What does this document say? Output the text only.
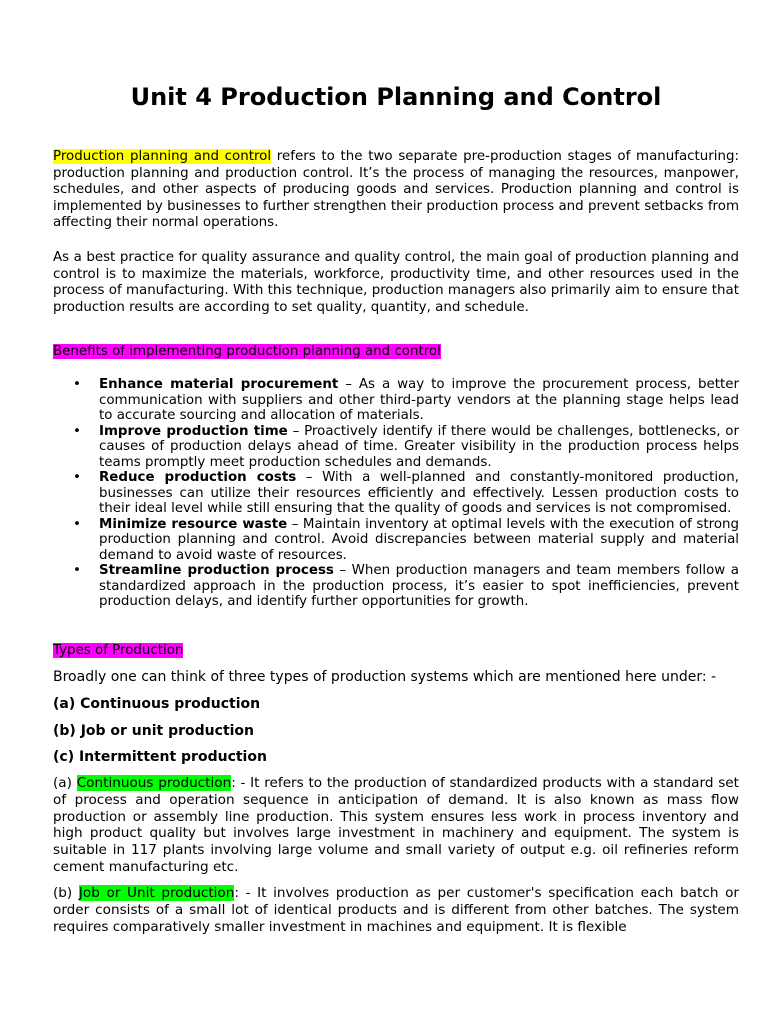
Unit 4 Production Planning and Control

Production planning and control refers to the two separate pre-production stages of manufacturing: production planning and production control. It’s the process of managing the resources, manpower, schedules, and other aspects of producing goods and services. Production planning and control is implemented by businesses to further strengthen their production process and prevent setbacks from affecting their normal operations.

As a best practice for quality assurance and quality control, the main goal of production planning and control is to maximize the materials, workforce, productivity time, and other resources used in the process of manufacturing. With this technique, production managers also primarily aim to ensure that production results are according to set quality, quantity, and schedule.

Benefits of implementing production planning and control

• Enhance material procurement – As a way to improve the procurement process, better communication with suppliers and other third-party vendors at the planning stage helps lead to accurate sourcing and allocation of materials.
• Improve production time – Proactively identify if there would be challenges, bottlenecks, or causes of production delays ahead of time. Greater visibility in the production process helps teams promptly meet production schedules and demands.
• Reduce production costs – With a well-planned and constantly-monitored production, businesses can utilize their resources efficiently and effectively. Lessen production costs to their ideal level while still ensuring that the quality of goods and services is not compromised.
• Minimize resource waste – Maintain inventory at optimal levels with the execution of strong production planning and control. Avoid discrepancies between material supply and material demand to avoid waste of resources.
• Streamline production process – When production managers and team members follow a standardized approach in the production process, it’s easier to spot inefficiencies, prevent production delays, and identify further opportunities for growth.

Types of Production

Broadly one can think of three types of production systems which are mentioned here under: -

(a) Continuous production

(b) Job or unit production

(c) Intermittent production

(a) Continuous production: - It refers to the production of standardized products with a standard set of process and operation sequence in anticipation of demand. It is also known as mass flow production or assembly line production. This system ensures less work in process inventory and high product quality but involves large investment in machinery and equipment. The system is suitable in 117 plants involving large volume and small variety of output e.g. oil refineries reform cement manufacturing etc.

(b) Job or Unit production: - It involves production as per customer's specification each batch or order consists of a small lot of identical products and is different from other batches. The system requires comparatively smaller investment in machines and equipment. It is flexible
